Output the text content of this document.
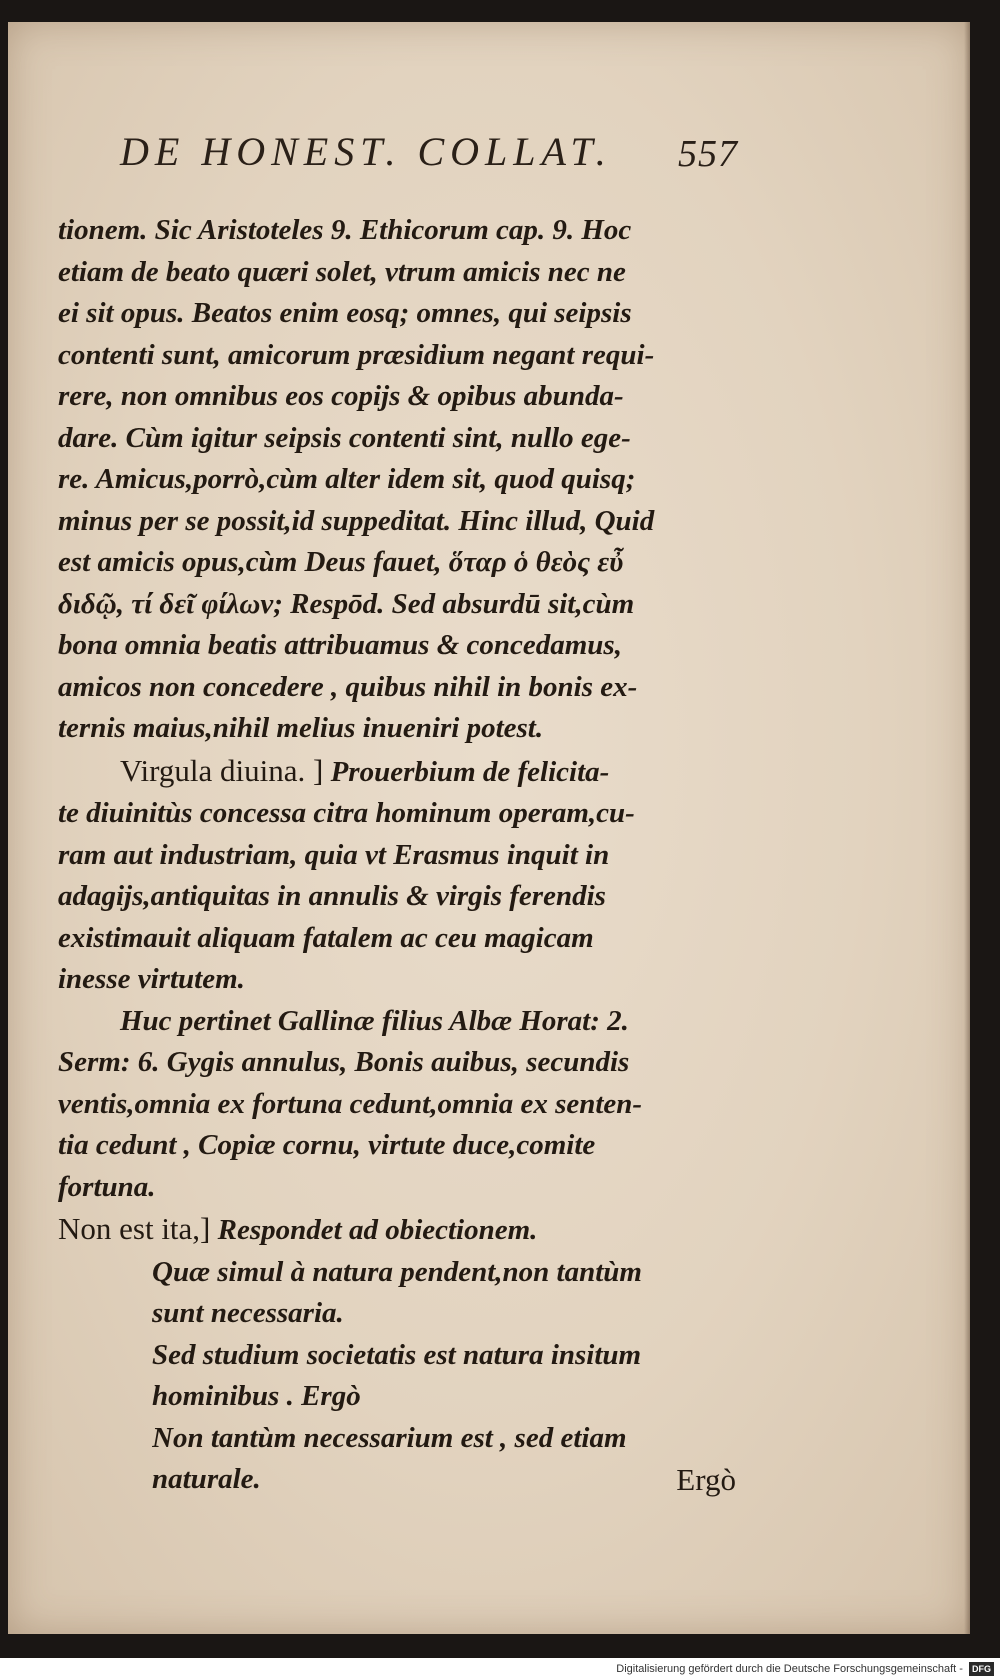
DE HONEST. COLLAT.	557
tionem. Sic Aristoteles 9. Ethicorum cap. 9. Hoc
etiam de beato quæri solet, vtrum amicis nec ne
ei sit opus. Beatos enim eosq; omnes, qui seipsis
contenti sunt, amicorum præsidium negant requi-
rere, non omnibus eos copijs & opibus abunda-
dare. Cùm igitur seipsis contenti sint, nullo ege-
re. Amicus,porrò,cùm alter idem sit, quod quisq;
minus per se possit,id suppeditat. Hinc illud, Quid
est amicis opus,cùm Deus fauet, ὅταρ ὁ θεὸς εὖ
διδῷ, τί δεῖ φίλων; Respōd. Sed absurdū sit,cùm
bona omnia beatis attribuamus & concedamus,
amicos non concedere , quibus nihil in bonis ex-
ternis maius,nihil melius inueniri potest.
Virgula diuina. ] Prouerbium de felicita-
te diuinitùs concessa citra hominum operam,cu-
ram aut industriam, quia vt Erasmus inquit in
adagijs,antiquitas in annulis & virgis ferendis
existimauit aliquam fatalem ac ceu magicam
inesse virtutem.
Huc pertinet Gallinæ filius Albæ Horat: 2.
Serm: 6. Gygis annulus, Bonis auibus, secundis
ventis,omnia ex fortuna cedunt,omnia ex senten-
tia cedunt , Copiæ cornu, virtute duce,comite
fortuna.
Non est ita,] Respondet ad obiectionem.
Quæ simul à natura pendent,non tantùm
sunt necessaria.
Sed studium societatis est natura insitum
hominibus . Ergò
Non tantùm necessarium est , sed etiam
naturale.	Ergò
Digitalisierung gefördert durch die Deutsche Forschungsgemeinschaft - DFG
